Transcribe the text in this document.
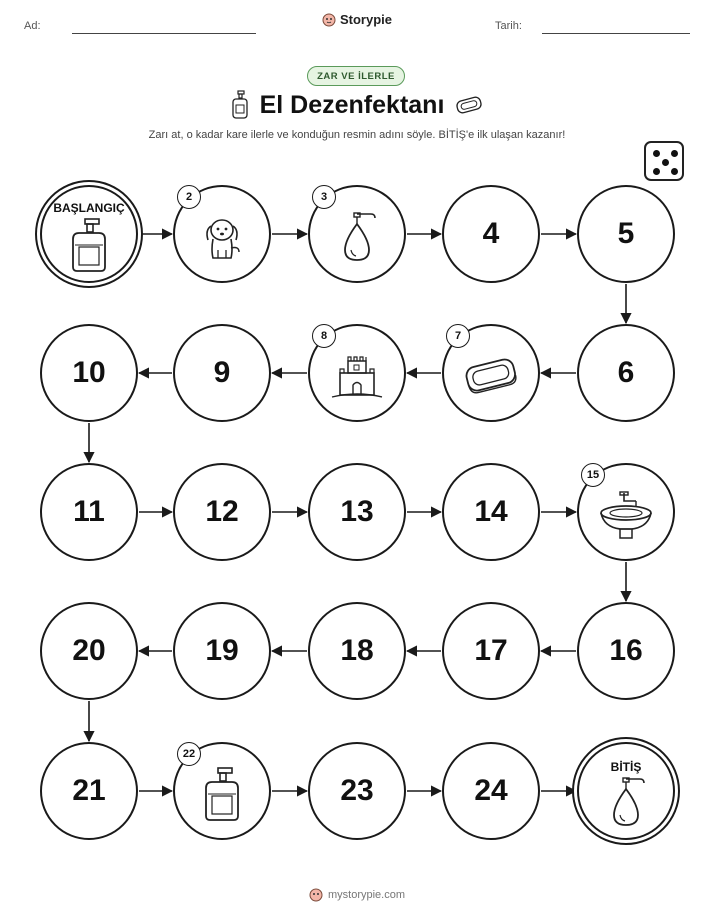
Ad:	Storypie	Tarih:
ZAR VE İLERLE
El Dezenfektanı
Zarı at, o kadar kare ilerle ve konduğun resmin adını söyle. BİTİŞ'e ilk ulaşan kazanır!
BAŞLANGIÇ
2	3
4	5
6
7
8
9
10
11	12	13	14
15
16
17
18
19
20
21
22
23	24
BİTİŞ
mystorypie.com
